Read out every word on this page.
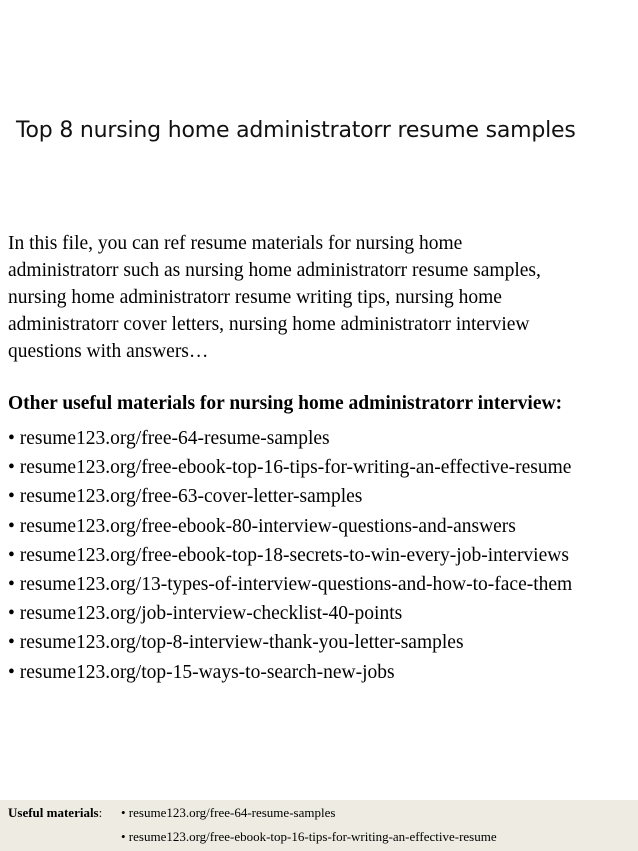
Top 8 nursing home administratorr resume samples
In this file, you can ref resume materials for nursing home
administratorr such as nursing home administratorr resume samples,
nursing home administratorr resume writing tips, nursing home
administratorr cover letters, nursing home administratorr interview
questions with answers…
Other useful materials for nursing home administratorr interview:
• resume123.org/free-64-resume-samples
• resume123.org/free-ebook-top-16-tips-for-writing-an-effective-resume
• resume123.org/free-63-cover-letter-samples
• resume123.org/free-ebook-80-interview-questions-and-answers
• resume123.org/free-ebook-top-18-secrets-to-win-every-job-interviews
• resume123.org/13-types-of-interview-questions-and-how-to-face-them
• resume123.org/job-interview-checklist-40-points
• resume123.org/top-8-interview-thank-you-letter-samples
• resume123.org/top-15-ways-to-search-new-jobs
Useful materials: • resume123.org/free-64-resume-samples
• resume123.org/free-ebook-top-16-tips-for-writing-an-effective-resume
